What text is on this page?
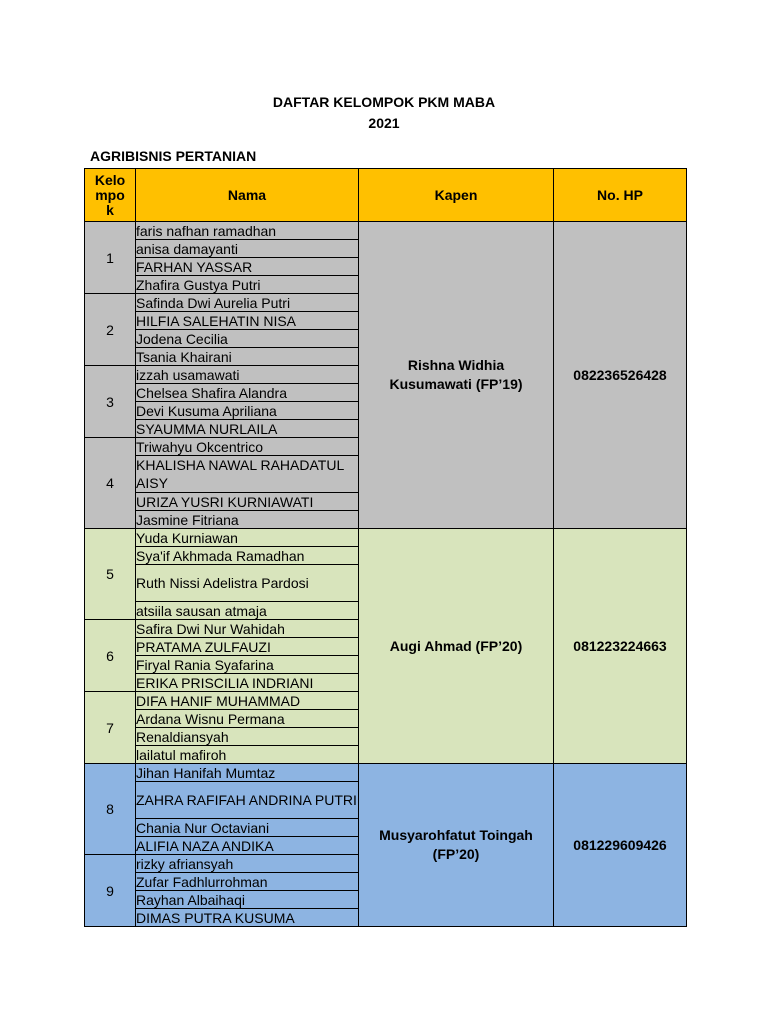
DAFTAR KELOMPOK PKM MABA
2021
AGRIBISNIS PERTANIAN
Kelompok	Nama	Kapen	No. HP
1	faris nafhan ramadhan	Rishna Widhia Kusumawati (FP’19)	082236526428
	anisa damayanti		
	FARHAN YASSAR		
	Zhafira Gustya Putri		
2	Safinda Dwi Aurelia Putri		
	HILFIA SALEHATIN NISA		
	Jodena Cecilia		
	Tsania Khairani		
3	izzah usamawati		
	Chelsea Shafira Alandra		
	Devi Kusuma Apriliana		
	SYAUMMA NURLAILA		
4	Triwahyu Okcentrico		
	KHALISHA NAWAL RAHADATUL AISY		
	URIZA YUSRI KURNIAWATI		
	Jasmine Fitriana		
5	Yuda Kurniawan	Augi Ahmad (FP’20)	081223224663
	Sya'if Akhmada Ramadhan		
	Ruth Nissi Adelistra Pardosi		
	atsiila sausan atmaja		
6	Safira Dwi Nur Wahidah		
	PRATAMA ZULFAUZI		
	Firyal Rania Syafarina		
	ERIKA PRISCILIA INDRIANI		
7	DIFA HANIF MUHAMMAD		
	Ardana Wisnu Permana		
	Renaldiansyah		
	lailatul mafiroh		
8	Jihan Hanifah Mumtaz	Musyarohfatut Toingah (FP’20)	081229609426
	ZAHRA RAFIFAH ANDRINA PUTRI		
	Chania Nur Octaviani		
	ALIFIA NAZA ANDIKA		
9	rizky afriansyah		
	Zufar Fadhlurrohman		
	Rayhan Albaihaqi		
	DIMAS PUTRA KUSUMA		
